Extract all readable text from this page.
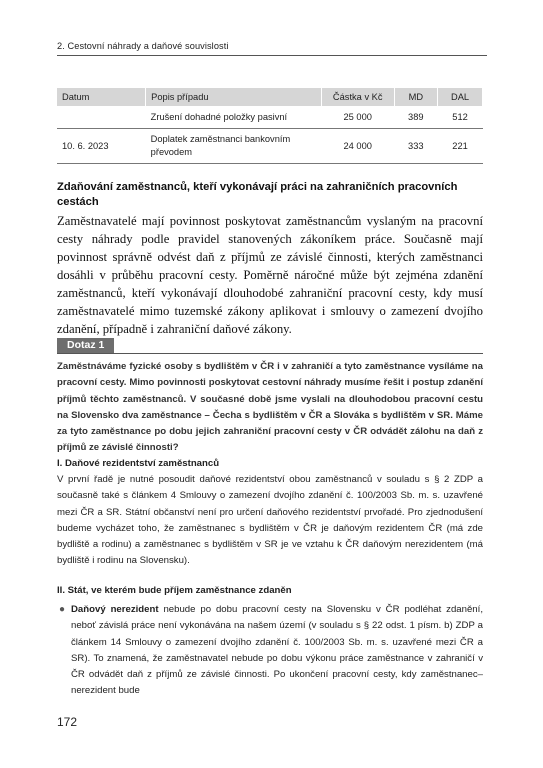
2. Cestovní náhrady a daňové souvislosti
Datum	Popis případu	Částka v Kč	MD	DAL
	Zrušení dohadné položky pasivní	25 000	389	512
10. 6. 2023	Doplatek zaměstnanci bankovním převodem	24 000	333	221
Zdaňování zaměstnanců, kteří vykonávají práci na zahraničních pracovních cestách
Zaměstnavatelé mají povinnost poskytovat zaměstnancům vyslaným na pracovní cesty náhrady podle pravidel stanovených zákoníkem práce. Současně mají povinnost správně odvést daň z příjmů ze závislé činnosti, kterých zaměstnanci dosáhli v průběhu pracovní cesty. Poměrně náročné může být zejména zdanění zaměstnanců, kteří vykonávají dlouhodobé zahraniční pracovní cesty, kdy musí zaměstnavatelé mimo tuzemské zákony aplikovat i smlouvy o zamezení dvojího zdanění, případně i zahraniční daňové zákony.
Dotaz 1
Zaměstnáváme fyzické osoby s bydlištěm v ČR i v zahraničí a tyto zaměstnance vysíláme na pracovní cesty. Mimo povinnosti poskytovat cestovní náhrady musíme řešit i postup zdanění příjmů těchto zaměstnanců. V současné době jsme vyslali na dlouhodobou pracovní cestu na Slovensko dva zaměstnance – Čecha s bydlištěm v ČR a Slováka s bydlištěm v SR. Máme za tyto zaměstnance po dobu jejich zahraniční pracovní cesty v ČR odvádět zálohu na daň z příjmů ze závislé činnosti?
I. Daňové rezidentství zaměstnanců
V první řadě je nutné posoudit daňové rezidentství obou zaměstnanců v souladu s § 2 ZDP a současně také s článkem 4 Smlouvy o zamezení dvojího zdanění č. 100/2003 Sb. m. s. uzavřené mezi ČR a SR. Státní občanství není pro určení daňového rezidentství prvořadé. Pro zjednodušení budeme vycházet toho, že zaměstnanec s bydlištěm v ČR je daňovým rezidentem ČR (má zde bydliště a rodinu) a zaměstnanec s bydlištěm v SR je ve vztahu k ČR daňovým nerezidentem (má bydliště i rodinu na Slovensku).
II. Stát, ve kterém bude příjem zaměstnance zdaněn
● Daňový nerezident nebude po dobu pracovní cesty na Slovensku v ČR podléhat zdanění, neboť závislá práce není vykonávána na našem území (v souladu s § 22 odst. 1 písm. b) ZDP a článkem 14 Smlouvy o zamezení dvojího zdanění č. 100/2003 Sb. m. s. uzavřené mezi ČR a SR). To znamená, že zaměstnavatel nebude po dobu výkonu práce zaměstnance v zahraničí v ČR odvádět daň z příjmů ze závislé činnosti. Po ukončení pracovní cesty, kdy zaměstnanec–nerezident bude
172
